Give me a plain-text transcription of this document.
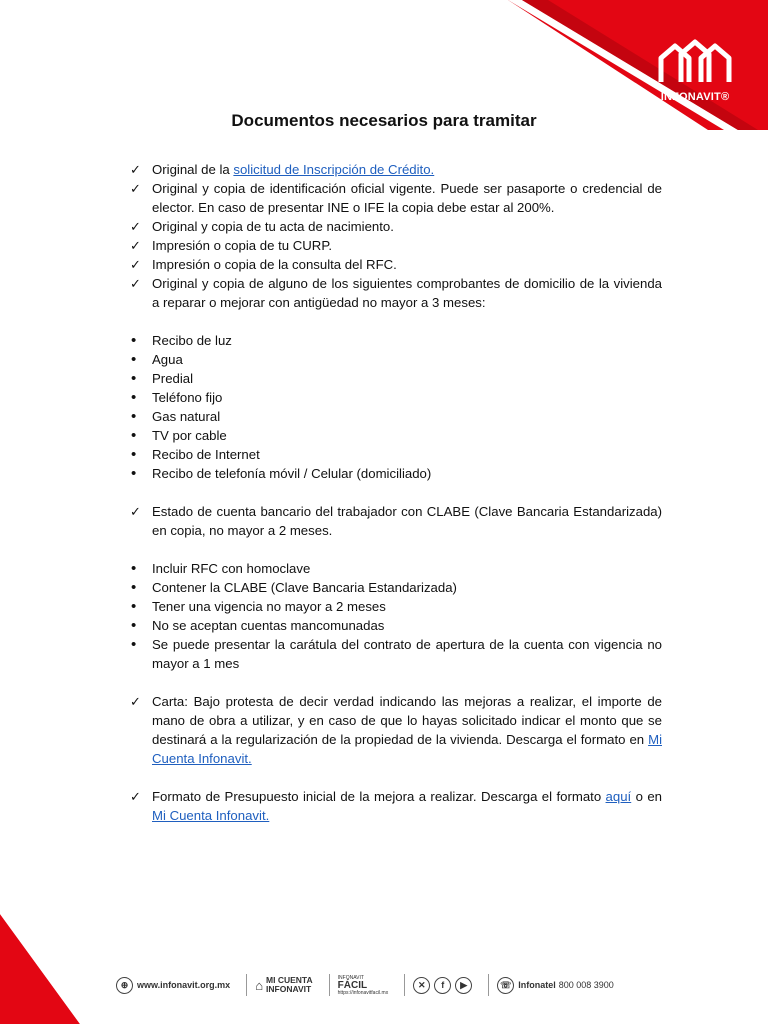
INFONAVIT®
Documentos necesarios para tramitar
✓ Original de la solicitud de Inscripción de Crédito.
✓ Original y copia de identificación oficial vigente. Puede ser pasaporte o credencial de elector. En caso de presentar INE o IFE la copia debe estar al 200%.
✓ Original y copia de tu acta de nacimiento.
✓ Impresión o copia de tu CURP.
✓ Impresión o copia de la consulta del RFC.
✓ Original y copia de alguno de los siguientes comprobantes de domicilio de la vivienda a reparar o mejorar con antigüedad no mayor a 3 meses:
• Recibo de luz
• Agua
• Predial
• Teléfono fijo
• Gas natural
• TV por cable
• Recibo de Internet
• Recibo de telefonía móvil / Celular (domiciliado)
✓ Estado de cuenta bancario del trabajador con CLABE (Clave Bancaria Estandarizada) en copia, no mayor a 2 meses.
• Incluir RFC con homoclave
• Contener la CLABE (Clave Bancaria Estandarizada)
• Tener una vigencia no mayor a 2 meses
• No se aceptan cuentas mancomunadas
• Se puede presentar la carátula del contrato de apertura de la cuenta con vigencia no mayor a 1 mes
✓ Carta: Bajo protesta de decir verdad indicando las mejoras a realizar, el importe de mano de obra a utilizar, y en caso de que lo hayas solicitado indicar el monto que se destinará a la regularización de la propiedad de la vivienda. Descarga el formato en Mi Cuenta Infonavit.
✓ Formato de Presupuesto inicial de la mejora a realizar. Descarga el formato aquí o en Mi Cuenta Infonavit.
⊕ www.infonavit.org.mx ⌂ MI CUENTA
INFONAVIT
INFONAVIT
FÁCIL
https://infonavitfacil.mx
✕	f	▶	☏ Infonatel 800 008 3900
